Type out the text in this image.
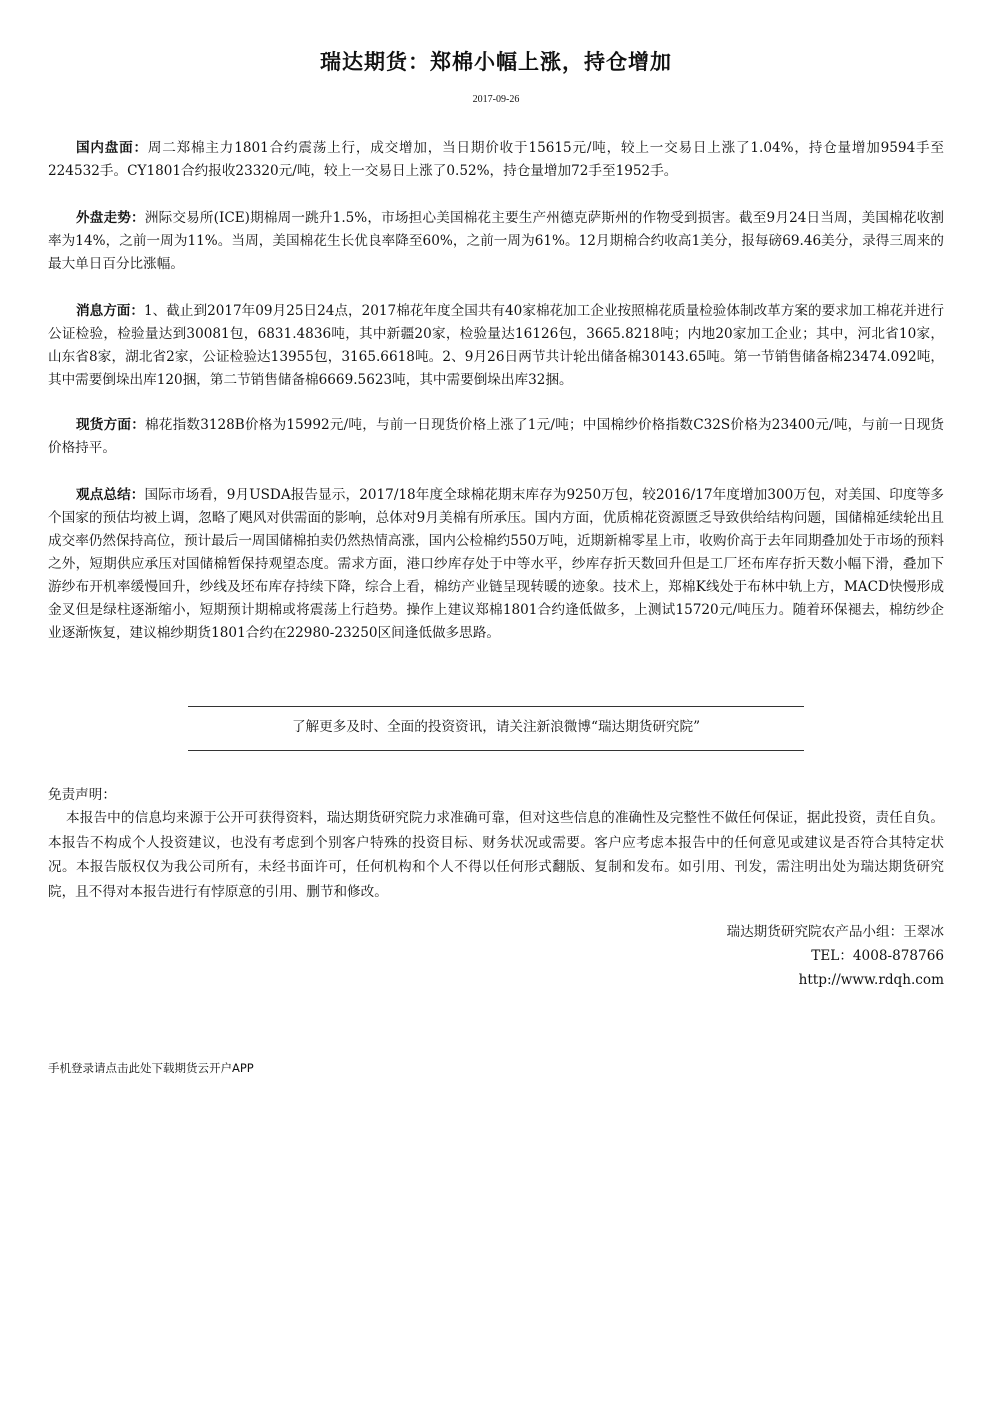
瑞达期货：郑棉小幅上涨，持仓增加
2017-09-26

国内盘面：周二郑棉主力1801合约震荡上行，成交增加，当日期价收于15615元/吨，较上一交易日上涨了1.04%，持仓量增加9594手至224532手。CY1801合约报收23320元/吨，较上一交易日上涨了0.52%，持仓量增加72手至1952手。

外盘走势：洲际交易所(ICE)期棉周一跳升1.5%，市场担心美国棉花主要生产州德克萨斯州的作物受到损害。截至9月24日当周，美国棉花收割率为14%，之前一周为11%。当周，美国棉花生长优良率降至60%，之前一周为61%。12月期棉合约收高1美分，报每磅69.46美分，录得三周来的最大单日百分比涨幅。

消息方面：1、截止到2017年09月25日24点，2017棉花年度全国共有40家棉花加工企业按照棉花质量检验体制改革方案的要求加工棉花并进行公证检验，检验量达到30081包，6831.4836吨，其中新疆20家，检验量达16126包，3665.8218吨；内地20家加工企业；其中，河北省10家，山东省8家，湖北省2家，公证检验达13955包，3165.6618吨。2、9月26日两节共计轮出储备棉30143.65吨。第一节销售储备棉23474.092吨，其中需要倒垛出库120捆，第二节销售储备棉6669.5623吨，其中需要倒垛出库32捆。

现货方面：棉花指数3128B价格为15992元/吨，与前一日现货价格上涨了1元/吨；中国棉纱价格指数C32S价格为23400元/吨，与前一日现货价格持平。

观点总结：国际市场看，9月USDA报告显示，2017/18年度全球棉花期末库存为9250万包，较2016/17年度增加300万包，对美国、印度等多个国家的预估均被上调，忽略了飓风对供需面的影响，总体对9月美棉有所承压。国内方面，优质棉花资源匮乏导致供给结构问题，国储棉延续轮出且成交率仍然保持高位，预计最后一周国储棉拍卖仍然热情高涨，国内公检棉约550万吨，近期新棉零星上市，收购价高于去年同期叠加处于市场的预料之外，短期供应承压对国储棉暂保持观望态度。需求方面，港口纱库存处于中等水平，纱库存折天数回升但是工厂坯布库存折天数小幅下滑，叠加下游纱布开机率缓慢回升，纱线及坯布库存持续下降，综合上看，棉纺产业链呈现转暖的迹象。技术上，郑棉K线处于布林中轨上方，MACD快慢形成金叉但是绿柱逐渐缩小，短期预计期棉或将震荡上行趋势。操作上建议郑棉1801合约逢低做多，上测试15720元/吨压力。随着环保褪去，棉纺纱企业逐渐恢复，建议棉纱期货1801合约在22980-23250区间逢低做多思路。

了解更多及时、全面的投资资讯，请关注新浪微博“瑞达期货研究院”
免责声明：

本报告中的信息均来源于公开可获得资料，瑞达期货研究院力求准确可靠，但对这些信息的准确性及完整性不做任何保证，据此投资，责任自负。本报告不构成个人投资建议，也没有考虑到个别客户特殊的投资目标、财务状况或需要。客户应考虑本报告中的任何意见或建议是否符合其特定状况。本报告版权仅为我公司所有，未经书面许可，任何机构和个人不得以任何形式翻版、复制和发布。如引用、刊发，需注明出处为瑞达期货研究院，且不得对本报告进行有悖原意的引用、删节和修改。

瑞达期货研究院农产品小组：王翠冰
TEL：4008-878766
http://www.rdqh.com
手机登录请点击此处下载期货云开户APP
